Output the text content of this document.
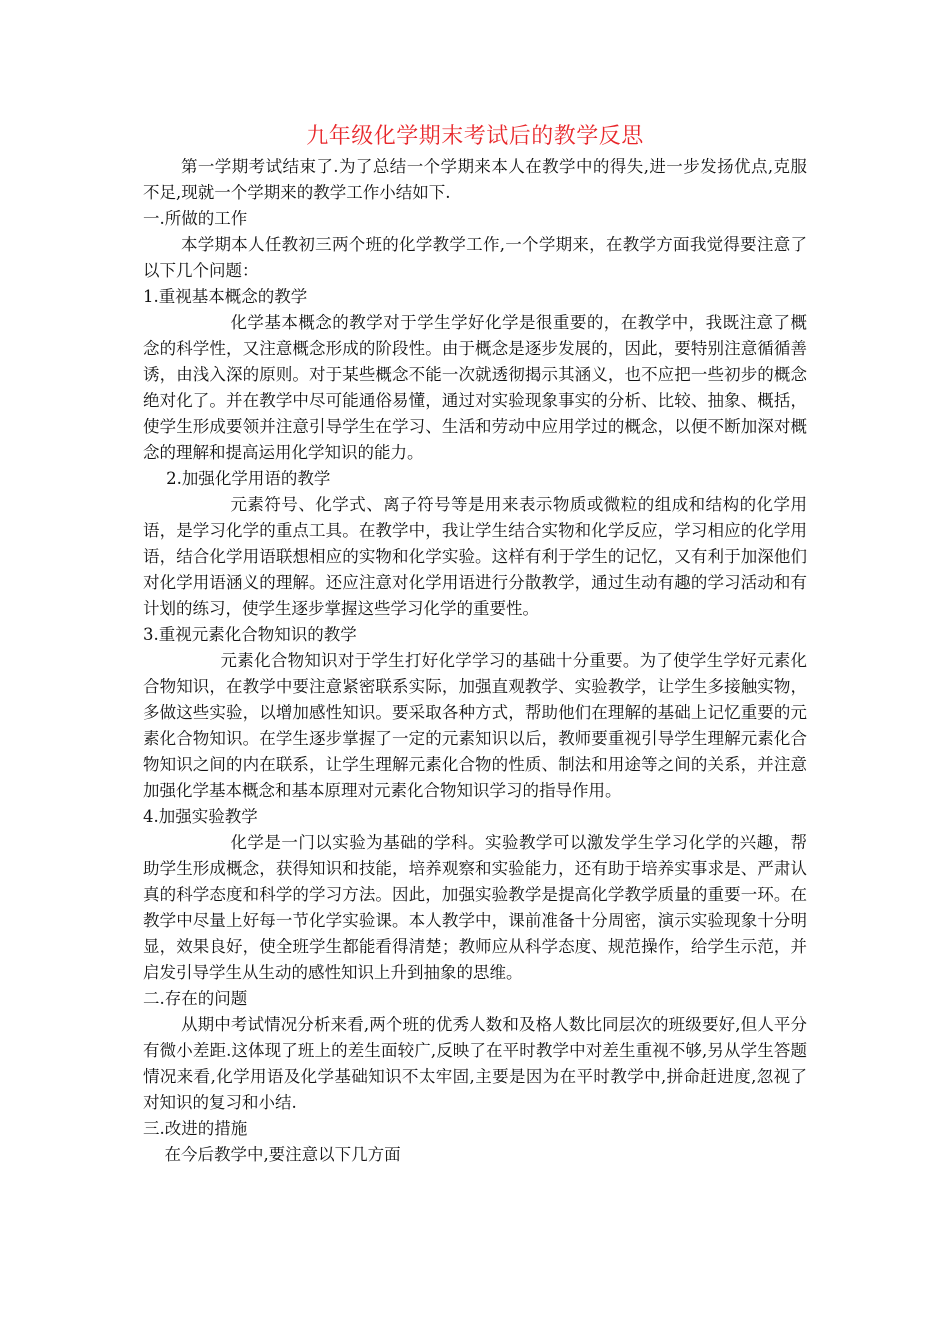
九年级化学期末考试后的教学反思

第一学期考试结束了.为了总结一个学期来本人在教学中的得失,进一步发扬优点,克服不足,现就一个学期来的教学工作小结如下.

一.所做的工作

本学期本人任教初三两个班的化学教学工作,一个学期来，在教学方面我觉得要注意了以下几个问题：

1.重视基本概念的教学

化学基本概念的教学对于学生学好化学是很重要的，在教学中，我既注意了概念的科学性，又注意概念形成的阶段性。由于概念是逐步发展的，因此，要特别注意循循善诱，由浅入深的原则。对于某些概念不能一次就透彻揭示其涵义，也不应把一些初步的概念绝对化了。并在教学中尽可能通俗易懂，通过对实验现象事实的分析、比较、抽象、概括，使学生形成要领并注意引导学生在学习、生活和劳动中应用学过的概念，以便不断加深对概念的理解和提高运用化学知识的能力。

2.加强化学用语的教学

元素符号、化学式、离子符号等是用来表示物质或微粒的组成和结构的化学用语，是学习化学的重点工具。在教学中，我让学生结合实物和化学反应，学习相应的化学用语，结合化学用语联想相应的实物和化学实验。这样有利于学生的记忆，又有利于加深他们对化学用语涵义的理解。还应注意对化学用语进行分散教学，通过生动有趣的学习活动和有计划的练习，使学生逐步掌握这些学习化学的重要性。

3.重视元素化合物知识的教学

元素化合物知识对于学生打好化学学习的基础十分重要。为了使学生学好元素化合物知识，在教学中要注意紧密联系实际，加强直观教学、实验教学，让学生多接触实物，多做这些实验，以增加感性知识。要采取各种方式，帮助他们在理解的基础上记忆重要的元素化合物知识。在学生逐步掌握了一定的元素知识以后，教师要重视引导学生理解元素化合物知识之间的内在联系，让学生理解元素化合物的性质、制法和用途等之间的关系，并注意加强化学基本概念和基本原理对元素化合物知识学习的指导作用。

4.加强实验教学

化学是一门以实验为基础的学科。实验教学可以激发学生学习化学的兴趣，帮助学生形成概念，获得知识和技能，培养观察和实验能力，还有助于培养实事求是、严肃认真的科学态度和科学的学习方法。因此，加强实验教学是提高化学教学质量的重要一环。在教学中尽量上好每一节化学实验课。本人教学中，课前准备十分周密，演示实验现象十分明显，效果良好，使全班学生都能看得清楚；教师应从科学态度、规范操作，给学生示范，并启发引导学生从生动的感性知识上升到抽象的思维。

二.存在的问题

从期中考试情况分析来看,两个班的优秀人数和及格人数比同层次的班级要好,但人平分有微小差距.这体现了班上的差生面较广,反映了在平时教学中对差生重视不够,另从学生答题情况来看,化学用语及化学基础知识不太牢固,主要是因为在平时教学中,拼命赶进度,忽视了对知识的复习和小结.

三.改进的措施

在今后教学中,要注意以下几方面
